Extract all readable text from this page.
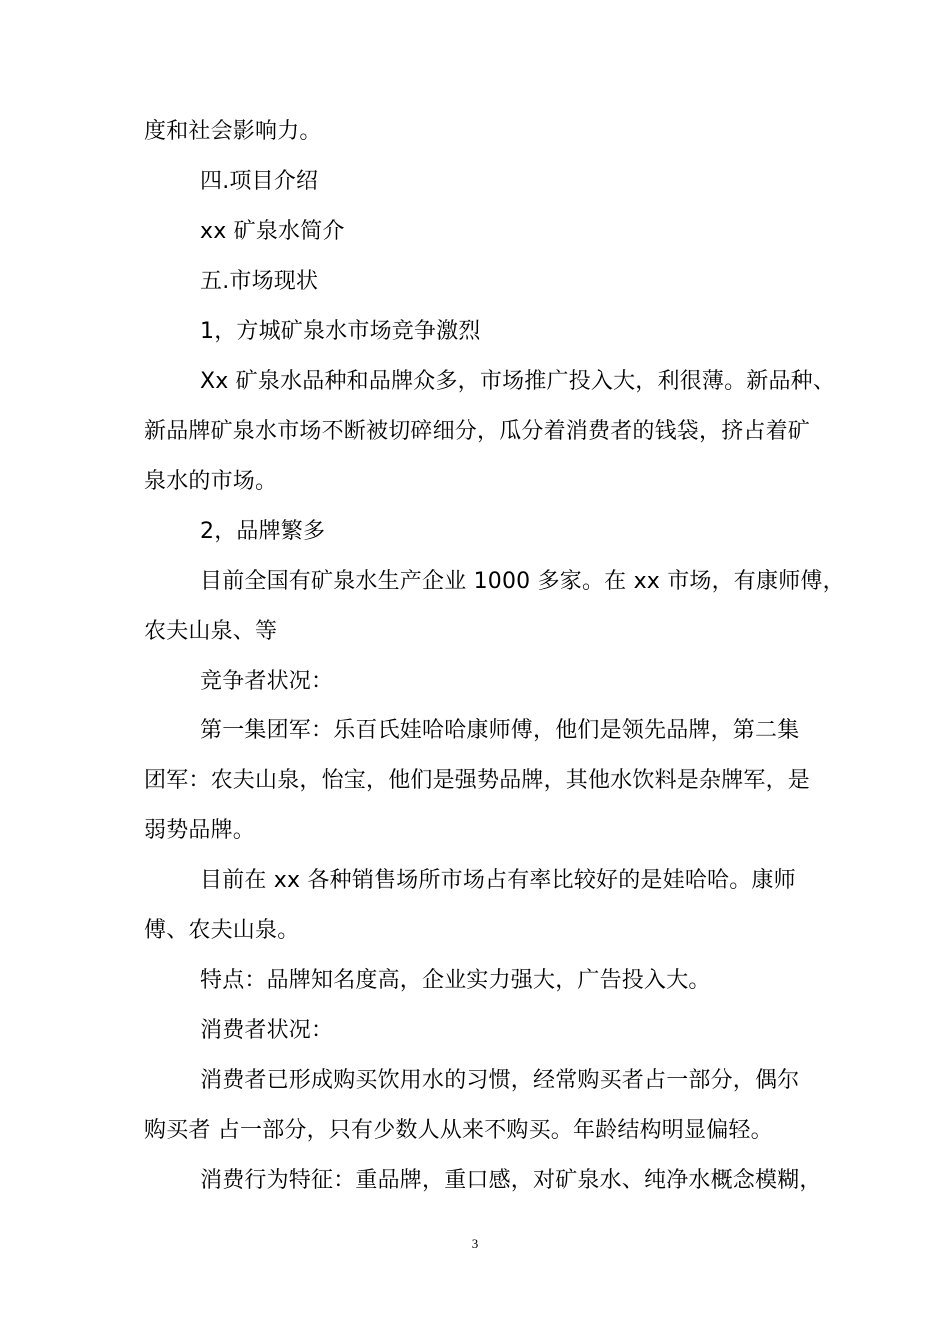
度和社会影响力。
四.项目介绍
xx 矿泉水简介
五.市场现状
1，方城矿泉水市场竞争激烈
Xx 矿泉水品种和品牌众多，市场推广投入大，利很薄。新品种、
新品牌矿泉水市场不断被切碎细分，瓜分着消费者的钱袋，挤占着矿
泉水的市场。
2，品牌繁多
目前全国有矿泉水生产企业 1000 多家。在 xx 市场，有康师傅，
农夫山泉、等
竞争者状况：
第一集团军：乐百氏娃哈哈康师傅，他们是领先品牌，第二集
团军：农夫山泉，怡宝，他们是强势品牌，其他水饮料是杂牌军，是
弱势品牌。
目前在 xx 各种销售场所市场占有率比较好的是娃哈哈。康师
傅、农夫山泉。
特点：品牌知名度高，企业实力强大，广告投入大。
消费者状况：
消费者已形成购买饮用水的习惯，经常购买者占一部分，偶尔
购买者 占一部分，只有少数人从来不购买。年龄结构明显偏轻。
消费行为特征：重品牌，重口感，对矿泉水、纯净水概念模糊，
3
